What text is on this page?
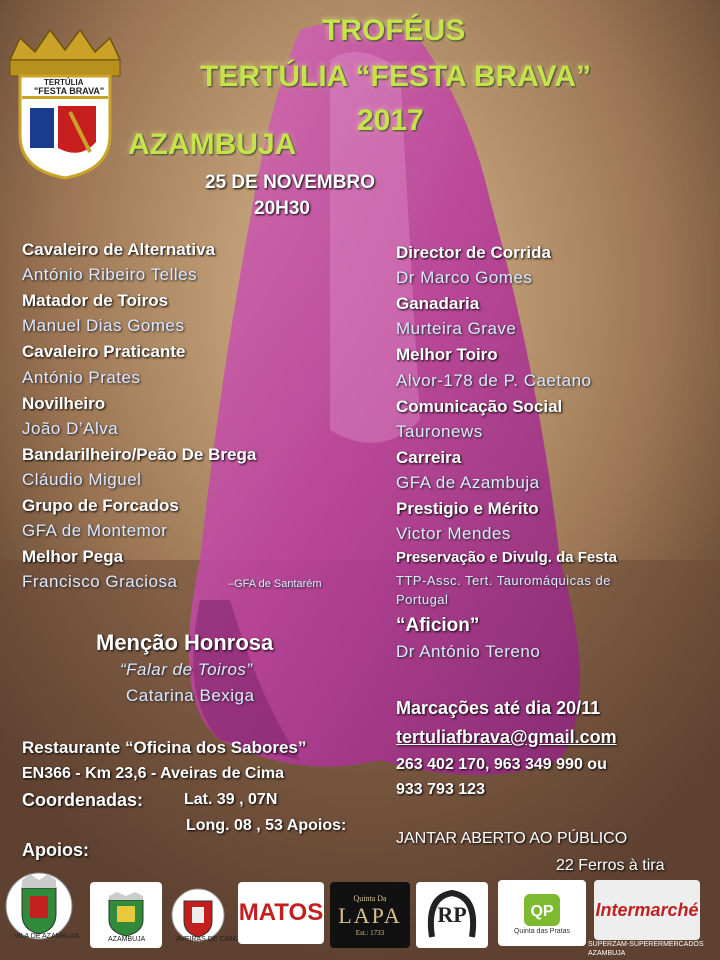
TERTÚLIA
"FESTA BRAVA"
TROFÉUS
TERTÚLIA “FESTA BRAVA”
2017
AZAMBUJA
25 DE NOVEMBRO
20H30
Cavaleiro de Alternativa
António Ribeiro Telles
Matador de Toiros
Manuel Dias Gomes
Cavaleiro Praticante
António Prates
Novilheiro
João D’Alva
Bandarilheiro/Peão De Brega
Cláudio Miguel
Grupo de Forcados
GFA de Montemor
Melhor Pega
Francisco Graciosa	–GFA de Santarém
Director de Corrida
Dr Marco Gomes
Ganadaria
Murteira Grave
Melhor Toiro
Alvor-178 de P. Caetano
Comunicação Social
Tauronews
Carreira
GFA de Azambuja
Prestigio e Mérito
Victor Mendes
Preservação e Divulg. da Festa
TTP-Assc. Tert. Tauromáquicas de
Portugal
“Aficion”
Dr António Tereno
Menção Honrosa
“Falar de Toiros”
Catarina Bexiga
Restaurante “Oficina dos Sabores”
EN366 - Km 23,6 - Aveiras de Cima
Coordenadas:	Lat. 39 , 07N
Long. 08 , 53 Apoios:
Marcações até dia 20/11
tertuliafbrava@gmail.com
263 402 170, 963 349 990 ou
933 793 123
JANTAR ABERTO AO PÚBLICO
22 Ferros à tira
Apoios:
VILA DE AZAMBUJA	AZAMBUJA	AVEIRAS DE CIMA
MATOS
Quinta Da
LAPA
Est.: 1733
RP	QP
Quinta das Pratas
Intermarché
SUPERZAM-SUPERERMERCADOS
AZAMBUJA
